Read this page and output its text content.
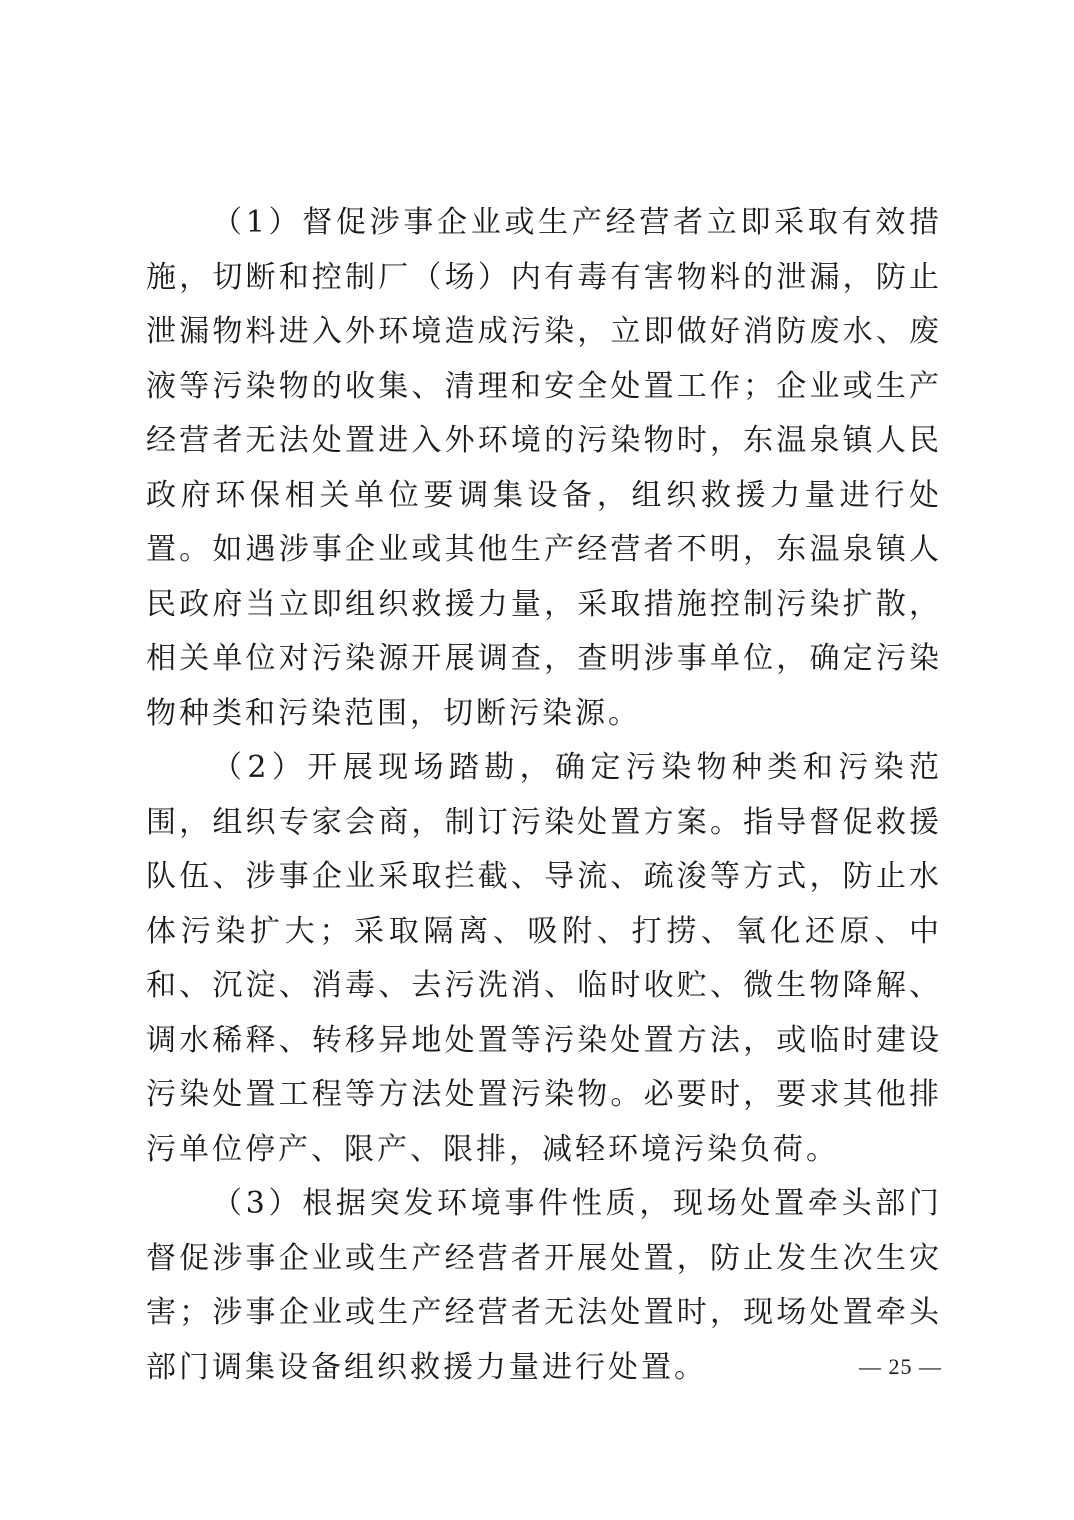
（1）督促涉事企业或生产经营者立即采取有效措施，切断和控制厂（场）内有毒有害物料的泄漏，防止泄漏物料进入外环境造成污染，立即做好消防废水、废液等污染物的收集、清理和安全处置工作；企业或生产经营者无法处置进入外环境的污染物时，东温泉镇人民政府环保相关单位要调集设备，组织救援力量进行处置。如遇涉事企业或其他生产经营者不明，东温泉镇人民政府当立即组织救援力量，采取措施控制污染扩散，相关单位对污染源开展调查，查明涉事单位，确定污染物种类和污染范围，切断污染源。

（2）开展现场踏勘，确定污染物种类和污染范围，组织专家会商，制订污染处置方案。指导督促救援队伍、涉事企业采取拦截、导流、疏浚等方式，防止水体污染扩大；采取隔离、吸附、打捞、氧化还原、中和、沉淀、消毒、去污洗消、临时收贮、微生物降解、调水稀释、转移异地处置等污染处置方法，或临时建设污染处置工程等方法处置污染物。必要时，要求其他排污单位停产、限产、限排，减轻环境污染负荷。

（3）根据突发环境事件性质，现场处置牵头部门督促涉事企业或生产经营者开展处置，防止发生次生灾害；涉事企业或生产经营者无法处置时，现场处置牵头部门调集设备组织救援力量进行处置。	— 25 —
